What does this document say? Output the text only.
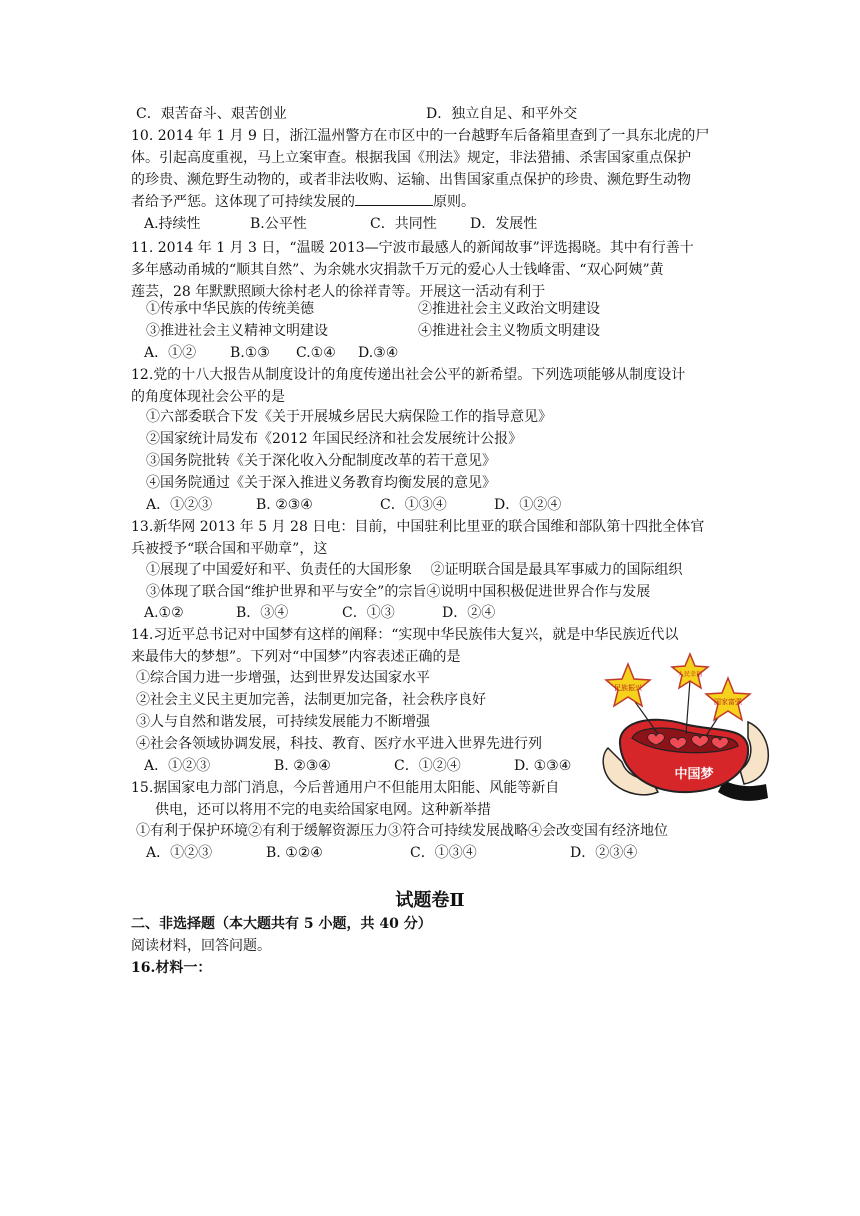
C．艰苦奋斗、艰苦创业	D．独立自足、和平外交
10. 2014 年 1 月 9 日，浙江温州警方在市区中的一台越野车后备箱里查到了一具东北虎的尸
体。引起高度重视，马上立案审查。根据我国《刑法》规定，非法猎捕、杀害国家重点保护
的珍贵、濒危野生动物的，或者非法收购、运输、出售国家重点保护的珍贵、濒危野生动物
者给予严惩。这体现了可持续发展的	原则。
A.持续性	B.公平性	C．共同性 D．发展性
11. 2014 年 1 月 3 日，“温暖 2013—宁波市最感人的新闻故事”评选揭晓。其中有行善十
多年感动甬城的“顺其自然”、为余姚水灾捐款千万元的爱心人士钱峰雷、“双心阿姨”黄
莲芸，28 年默默照顾大徐村老人的徐祥青等。开展这一活动有利于
①传承中华民族的传统美德	②推进社会主义政治文明建设
③推进社会主义精神文明建设	④推进社会主义物质文明建设
A．①② B.①③ C.①④ D.③④
12.党的十八大报告从制度设计的角度传递出社会公平的新希望。下列选项能够从制度设计
的角度体现社会公平的是
①六部委联合下发《关于开展城乡居民大病保险工作的指导意见》
②国家统计局发布《2012 年国民经济和社会发展统计公报》
③国务院批转《关于深化收入分配制度改革的若干意见》
④国务院通过《关于深入推进义务教育均衡发展的意见》
A．①②③	B. ②③④	C．①③④	D．①②④
13.新华网 2013 年 5 月 28 日电：目前，中国驻利比里亚的联合国维和部队第十四批全体官
兵被授予“联合国和平勋章”，这
①展现了中国爱好和平、负责任的大国形象　 ②证明联合国是最具军事威力的国际组织
③体现了联合国“维护世界和平与安全”的宗旨④说明中国积极促进世界合作与发展
A.①②	B．③④	C．①③	D．②④
14.习近平总书记对中国梦有这样的阐释：“实现中华民族伟大复兴，就是中华民族近代以
来最伟大的梦想”。下列对“中国梦”内容表述正确的是
①综合国力进一步增强，达到世界发达国家水平
②社会主义民主更加完善，法制更加完备，社会秩序良好
③人与自然和谐发展，可持续发展能力不断增强
④社会各领域协调发展，科技、教育、医疗水平进入世界先进行列
A．①②③	B. ②③④	C．①②④	D. ①③④
15.据国家电力部门消息，今后普通用户不但能用太阳能、风能等新自
供电，还可以将用不完的电卖给国家电网。这种新举措
①有利于保护环境②有利于缓解资源压力③符合可持续发展战略④会改变国有经济地位
A．①②③	B. ①②④	C．①③④	D．②③④
民族振兴
人民幸福
国家富强
中国梦
试题卷Ⅱ
二、非选择题（本大题共有 5 小题，共 40 分）
阅读材料，回答问题。
16.材料一：
